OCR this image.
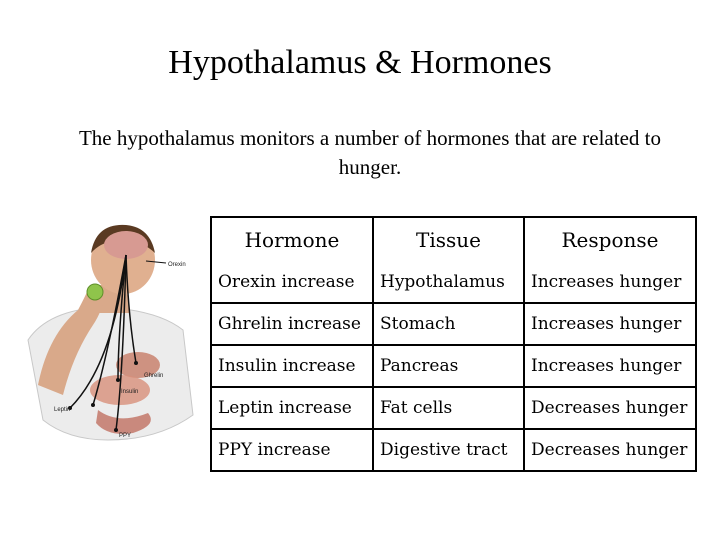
Hypothalamus & Hormones
The hypothalamus monitors a number of hormones that are related to hunger.
Orexin
Ghrelin
Insulin
Leptin
PPY
Hormone	Tissue	Response
Orexin increase	Hypothalamus	Increases hunger
Ghrelin increase	Stomach	Increases hunger
Insulin increase	Pancreas	Increases hunger
Leptin increase	Fat cells	Decreases hunger
PPY increase	Digestive tract	Decreases hunger
